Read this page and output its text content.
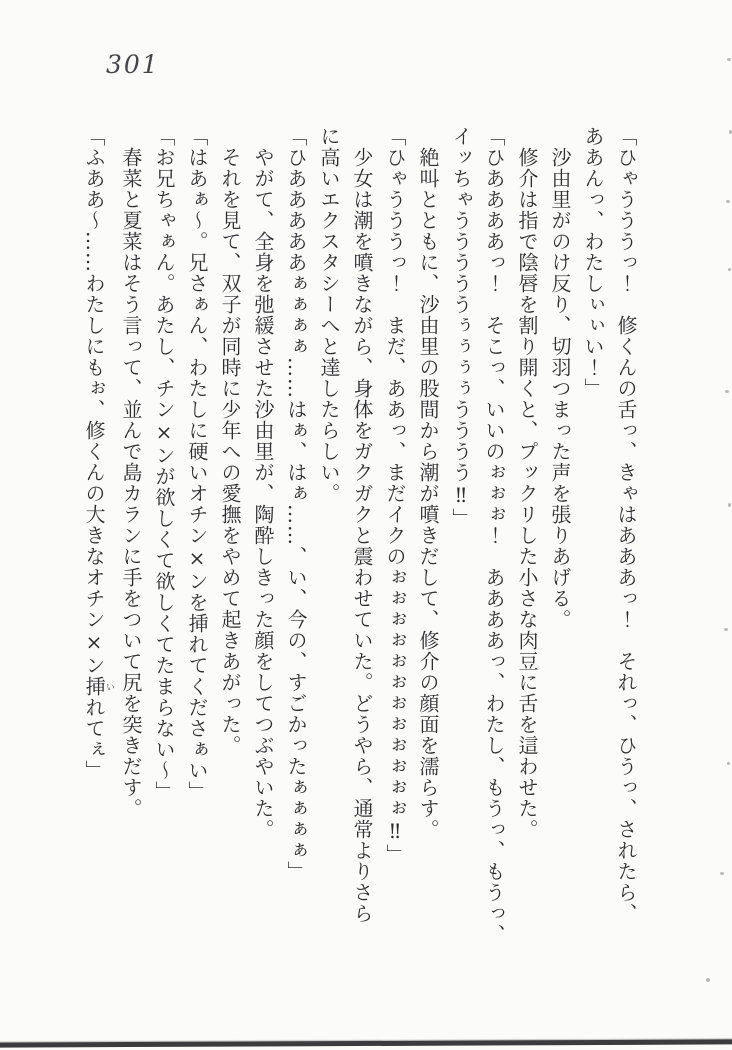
301
「ひゃうううっ！　修くんの舌っ、きゃはあああっ！　それっ、ひうっ、されたら、
ああんっ、わたしぃぃい！」
　沙由里がのけ反り、切羽つまった声を張りあげる。
　修介は指で陰唇を割り開くと、プックリした小さな肉豆に舌を這わせた。
「ひああああっ！　そこっ、いいのぉぉぉ！　ああああっ、わたし、もうっ、もうっ、
イッちゃうううううぅぅぅぅうううう‼」
　絶叫とともに、沙由里の股間から潮が噴きだして、修介の顔面を濡らす。
「ひゃうううっ！　まだ、ああっ、まだイクのぉぉぉぉぉぉぉぉぉぉぉぉ‼」
　少女は潮を噴きながら、身体をガクガクと震わせていた。どうやら、通常よりさら
に高いエクスタシーへと達したらしい。
「ひあああああぁぁぁぁ……はぁ、はぁ……、い、今の、すごかったぁぁぁぁ」
　やがて、全身を弛緩させた沙由里が、陶酔しきった顔をしてつぶやいた。
　それを見て、双子が同時に少年への愛撫をやめて起きあがった。
「はあぁ〜。兄さぁん、わたしに硬いオチン×ンを挿れてくださぁい」
「お兄ちゃぁん。あたし、チン×ンが欲しくて欲しくてたまらない〜」
　春菜と夏菜はそう言って、並んで島カランに手をついて尻を突きだす。
「ふああ〜……わたしにもぉ、修くんの大きなオチン×ン挿いれてぇ」
